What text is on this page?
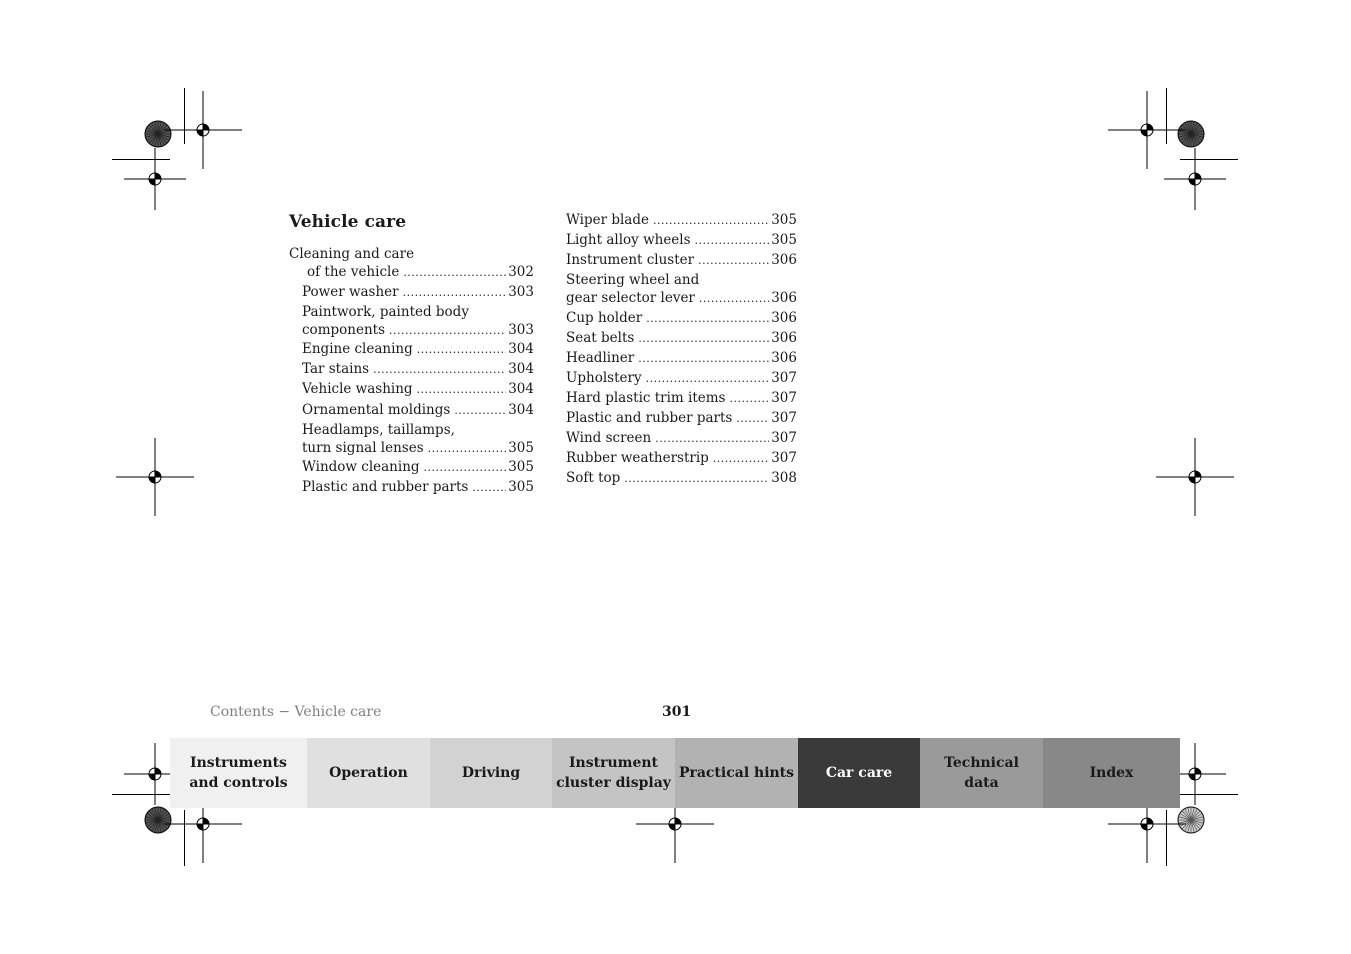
Vehicle care
Cleaning and care
of the vehicle .....	302
Power washer .....	303
Paintwork, painted body
components .....	303
Engine cleaning .....	304
Tar stains .....	304
Vehicle washing .....	304
Ornamental moldings .....	304
Headlamps, taillamps,
turn signal lenses .....	305
Window cleaning .....	305
Plastic and rubber parts .....	305
Wiper blade .....	305
Light alloy wheels .....	305
Instrument cluster .....	306
Steering wheel and
gear selector lever .....	306
Cup holder .....	306
Seat belts .....	306
Headliner .....	306
Upholstery .....	307
Hard plastic trim items .....	307
Plastic and rubber parts .....	307
Wind screen .....	307
Rubber weatherstrip .....	307
Soft top .....	308
Contents − Vehicle care	301
Instruments
and controls
Operation	Driving
Instrument
cluster display
Practical hints Car care
Technical
data
Index
